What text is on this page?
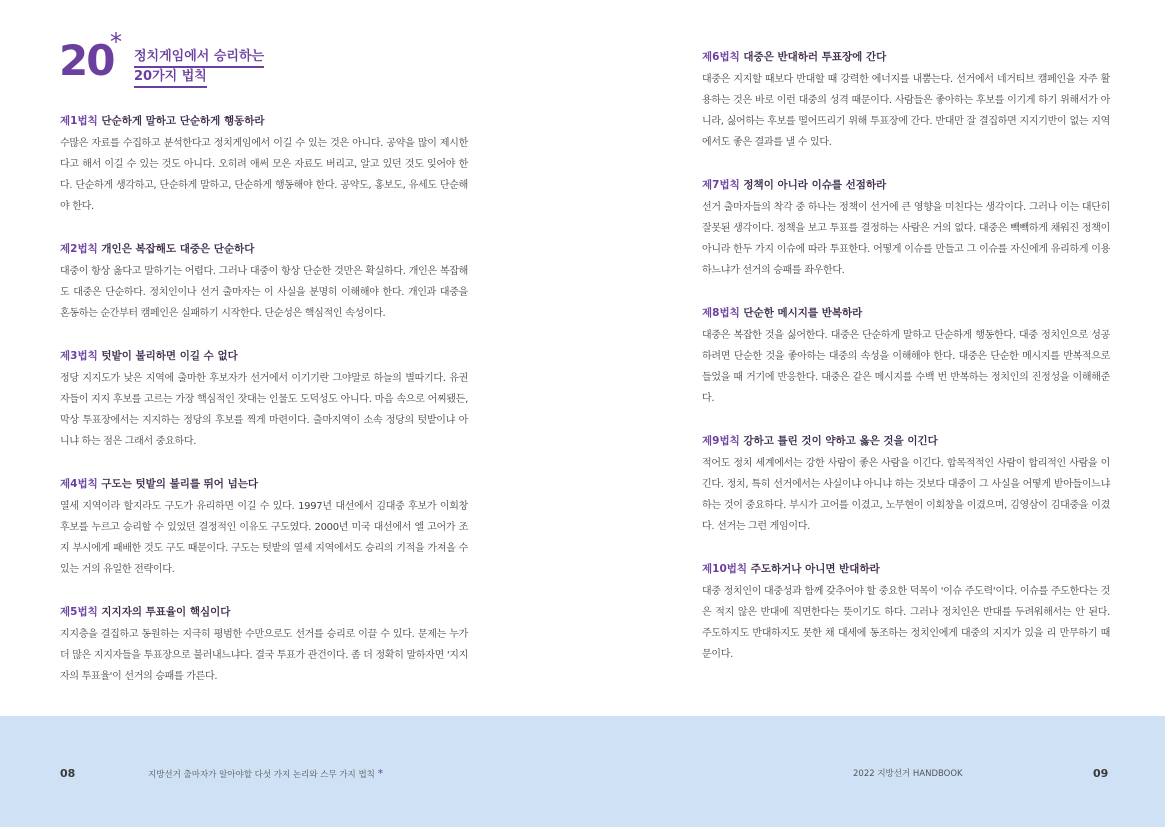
20
*
정치게임에서 승리하는
20가지 법칙
제1법칙 단순하게 말하고 단순하게 행동하라
수많은 자료를 수집하고 분석한다고 정치게임에서 이길 수 있는 것은 아니다. 공약을 많이 제시한다고 해서 이길 수 있는 것도 아니다. 오히려 애써 모은 자료도 버리고, 알고 있던 것도 잊어야 한다. 단순하게 생각하고, 단순하게 말하고, 단순하게 행동해야 한다. 공약도, 홍보도, 유세도 단순해야 한다.
제2법칙 개인은 복잡해도 대중은 단순하다
대중이 항상 옳다고 말하기는 어렵다. 그러나 대중이 항상 단순한 것만은 확실하다. 개인은 복잡해도 대중은 단순하다. 정치인이나 선거 출마자는 이 사실을 분명히 이해해야 한다. 개인과 대중을 혼동하는 순간부터 캠페인은 실패하기 시작한다. 단순성은 핵심적인 속성이다.
제3법칙 텃밭이 불리하면 이길 수 없다
정당 지지도가 낮은 지역에 출마한 후보자가 선거에서 이기기란 그야말로 하늘의 별따기다. 유권자들이 지지 후보를 고르는 가장 핵심적인 잣대는 인물도 도덕성도 아니다. 마음 속으로 어찌됐든, 막상 투표장에서는 지지하는 정당의 후보를 찍게 마련이다. 출마지역이 소속 정당의 텃밭이냐 아니냐 하는 점은 그래서 중요하다.
제4법칙 구도는 텃밭의 불리를 뛰어 넘는다
열세 지역이라 할지라도 구도가 유리하면 이길 수 있다. 1997년 대선에서 김대중 후보가 이회창 후보를 누르고 승리할 수 있었던 결정적인 이유도 구도였다. 2000년 미국 대선에서 엘 고어가 조지 부시에게 패배한 것도 구도 때문이다. 구도는 텃밭의 열세 지역에서도 승리의 기적을 가져올 수 있는 거의 유일한 전략이다.
제5법칙 지지자의 투표율이 핵심이다
지지층을 결집하고 동원하는 지극히 평범한 수만으로도 선거를 승리로 이끌 수 있다. 문제는 누가 더 많은 지지자들을 투표장으로 불러내느냐다. 결국 투표가 관건이다. 좀 더 정확히 말하자면 '지지자의 투표율'이 선거의 승패를 가른다.
제6법칙 대중은 반대하러 투표장에 간다
대중은 지지할 때보다 반대할 때 강력한 에너지를 내뿜는다. 선거에서 네거티브 캠페인을 자주 활용하는 것은 바로 이런 대중의 성격 때문이다. 사람들은 좋아하는 후보를 이기게 하기 위해서가 아니라, 싫어하는 후보를 떨어뜨리기 위해 투표장에 간다. 반대만 잘 결집하면 지지기반이 없는 지역에서도 좋은 결과를 낼 수 있다.
제7법칙 정책이 아니라 이슈를 선점하라
선거 출마자들의 착각 중 하나는 정책이 선거에 큰 영향을 미친다는 생각이다. 그러나 이는 대단히 잘못된 생각이다. 정책을 보고 투표를 결정하는 사람은 거의 없다. 대중은 빽빽하게 채워진 정책이 아니라 한두 가지 이슈에 따라 투표한다. 어떻게 이슈를 만들고 그 이슈를 자신에게 유리하게 이용하느냐가 선거의 승패를 좌우한다.
제8법칙 단순한 메시지를 반복하라
대중은 복잡한 것을 싫어한다. 대중은 단순하게 말하고 단순하게 행동한다. 대중 정치인으로 성공하려면 단순한 것을 좋아하는 대중의 속성을 이해해야 한다. 대중은 단순한 메시지를 반복적으로 들었을 때 거기에 반응한다. 대중은 같은 메시지를 수백 번 반복하는 정치인의 진정성을 이해해준다.
제9법칙 강하고 틀린 것이 약하고 옳은 것을 이긴다
적어도 정치 세계에서는 강한 사람이 좋은 사람을 이긴다. 합목적적인 사람이 합리적인 사람을 이긴다. 정치, 특히 선거에서는 사실이냐 아니냐 하는 것보다 대중이 그 사실을 어떻게 받아들이느냐 하는 것이 중요하다. 부시가 고어를 이겼고, 노무현이 이회창을 이겼으며, 김영삼이 김대중을 이겼다. 선거는 그런 게임이다.
제10법칙 주도하거나 아니면 반대하라
대중 정치인이 대중성과 함께 갖추어야 할 중요한 덕목이 '이슈 주도력'이다. 이슈를 주도한다는 것은 적지 않은 반대에 직면한다는 뜻이기도 하다. 그러나 정치인은 반대를 두려워해서는 안 된다. 주도하지도 반대하지도 못한 채 대세에 동조하는 정치인에게 대중의 지지가 있을 리 만무하기 때문이다.
08	지방선거 출마자가 알아야할 다섯 가지 논리와 스무 가지 법칙 *	2022 지방선거 HANDBOOK	09
